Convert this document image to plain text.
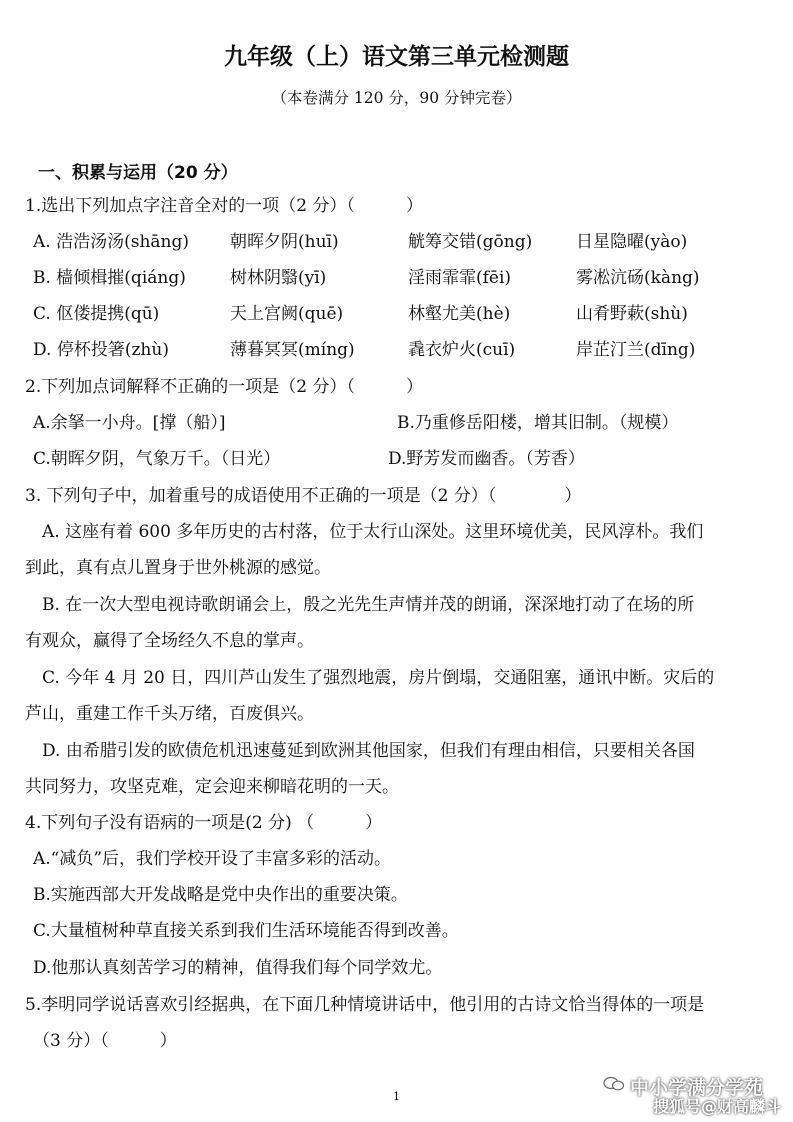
九年级（上）语文第三单元检测题
（本卷满分 120 分，90 分钟完卷）
一、积累与运用（20 分）
1.选出下列加点字注音全对的一项（2 分）（　　　）
A. 浩浩汤汤(shāng) 朝晖夕阴(huī)	觥筹交错(gōng)	日星隐曜(yào)
B. 樯倾楫摧(qiáng)	树林阴翳(yī)	淫雨霏霏(fēi)	雾凇沆砀(kàng)
C. 伛偻提携(qū)	天上宫阙(quē)	林壑尤美(hè)	山肴野蔌(shù)
D. 停杯投箸(zhù)	薄暮冥冥(míng)	毳衣炉火(cuī)	岸芷汀兰(dīng)
2.下列加点词解释不正确的一项是（2 分）（　　　）
A.余拏一小舟。[撑（船）]	B.乃重修岳阳楼，增其旧制。（规模）
C.朝晖夕阴，气象万千。（日光）	D.野芳发而幽香。（芳香）
3. 下列句子中，加着重号的成语使用不正确的一项是（2 分）（　　　　）
A. 这座有着 600 多年历史的古村落，位于太行山深处。这里环境优美，民风淳朴。我们
到此，真有点儿置身于世外桃源的感觉。
B. 在一次大型电视诗歌朗诵会上，殷之光先生声情并茂的朗诵，深深地打动了在场的所
有观众，赢得了全场经久不息的掌声。
C. 今年 4 月 20 日，四川芦山发生了强烈地震，房片倒塌，交通阻塞，通讯中断。灾后的
芦山，重建工作千头万绪，百废俱兴。
D. 由希腊引发的欧债危机迅速蔓延到欧洲其他国家，但我们有理由相信，只要相关各国
共同努力，攻坚克难，定会迎来柳暗花明的一天。
4.下列句子没有语病的一项是(2 分) （　　　）
A.“减负”后，我们学校开设了丰富多彩的活动。
B.实施西部大开发战略是党中央作出的重要决策。
C.大量植树种草直接关系到我们生活环境能否得到改善。
D.他那认真刻苦学习的精神，值得我们每个同学效尤。
5.李明同学说话喜欢引经据典，在下面几种情境讲话中，他引用的古诗文恰当得体的一项是
（3 分）（　　　）
1	中小学满分学苑
搜狐号@财高麟斗
